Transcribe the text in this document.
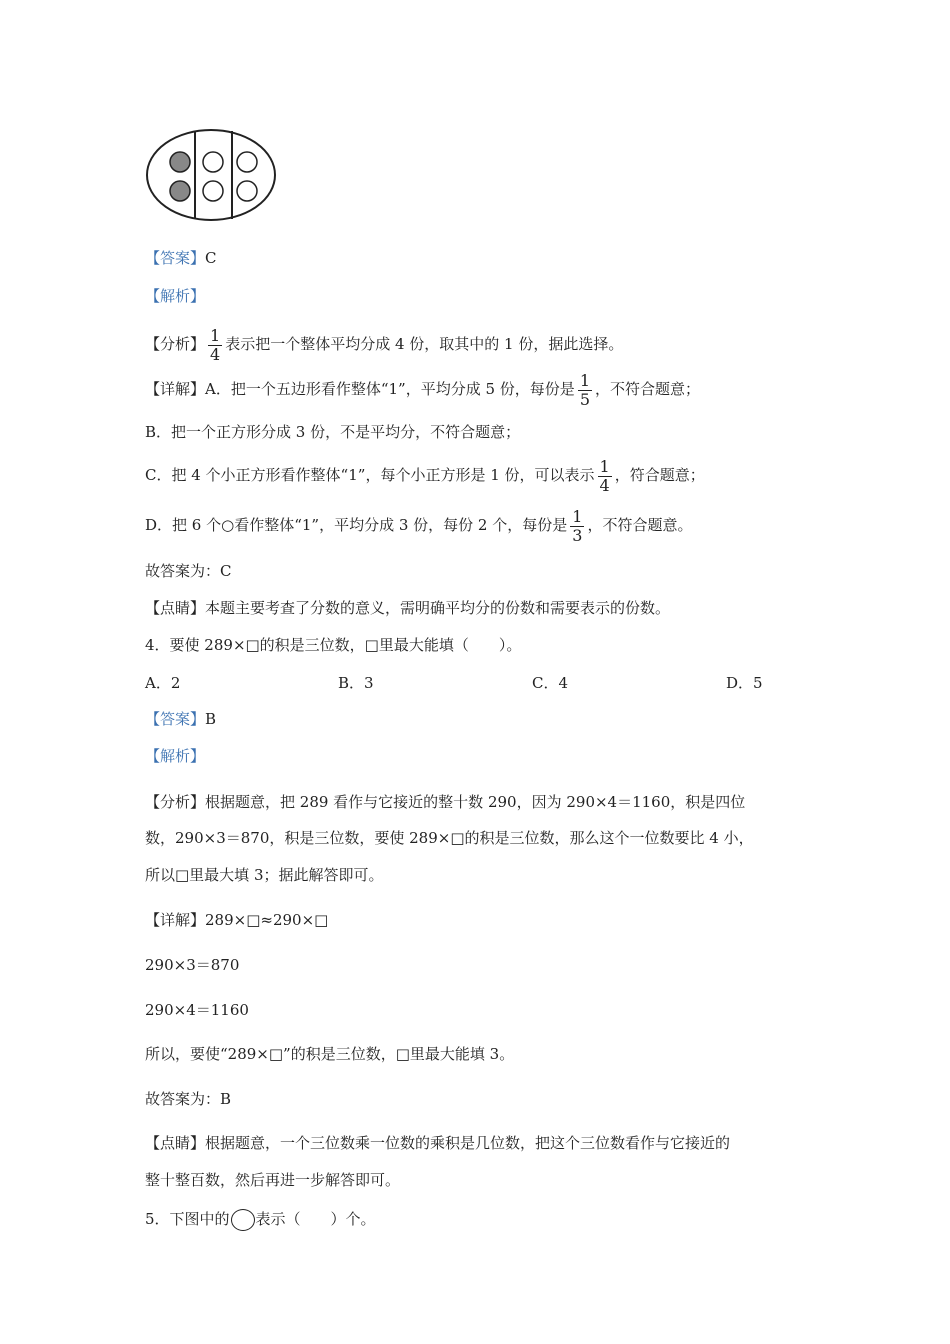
【答案】C
【解析】
【分析】 $\frac{1}{4}$ 表示把一个整体平均分成 4 份，取其中的 1 份，据此选择。
【详解】A．把一个五边形看作整体“1”，平均分成 5 份，每份是 $\frac{1}{5}$ ，不符合题意；
B．把一个正方形分成 3 份，不是平均分，不符合题意；
C．把 4 个小正方形看作整体“1”，每个小正方形是 1 份，可以表示 $\frac{1}{4}$ ，符合题意；
D．把 6 个○看作整体“1”，平均分成 3 份，每份 2 个，每份是 $\frac{1}{3}$ ，不符合题意。
故答案为：C
【点睛】本题主要考查了分数的意义，需明确平均分的份数和需要表示的份数。
4．要使 289×□的积是三位数，□里最大能填（　　）。
A．2	B．3	C．4	D．5
【答案】B
【解析】
【分析】根据题意，把 289 看作与它接近的整十数 290，因为 290×4＝1160，积是四位
数，290×3＝870，积是三位数，要使 289×□的积是三位数，那么这个一位数要比 4 小，
所以□里最大填 3；据此解答即可。
【详解】289×□≈290×□
290×3＝870
290×4＝1160
所以，要使“289×□”的积是三位数，□里最大能填 3。
故答案为：B
【点睛】根据题意，一个三位数乘一位数的乘积是几位数，把这个三位数看作与它接近的
整十整百数，然后再进一步解答即可。
5．下图中的 表示（　　）个。
